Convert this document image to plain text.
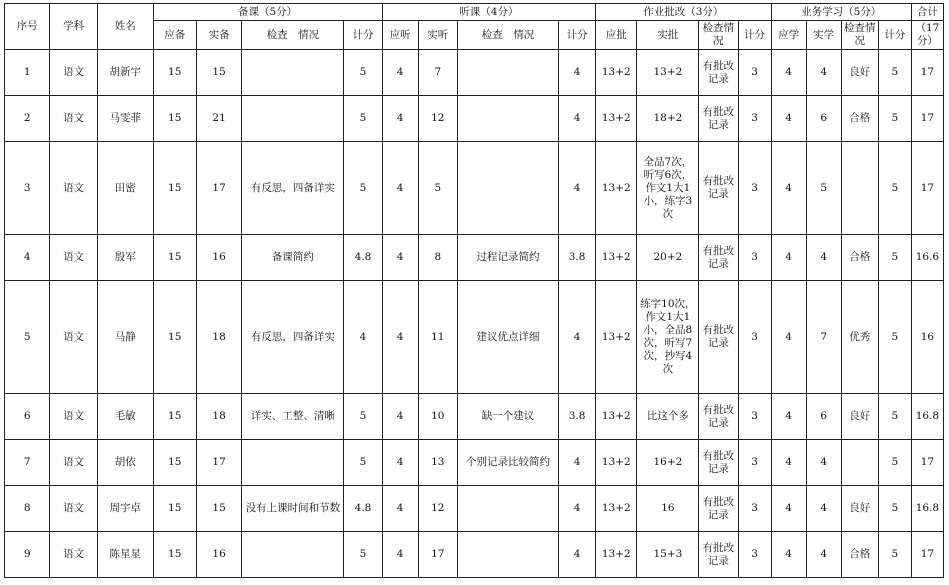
序号	学科	姓名	备课（5分）				听课（4分）				作业批改（3分）				业务学习（5分）				合计
			应备	实备	检查　情况	计分	应听	实听	检查　情况	计分	应批	实批	检查情况	计分	应学	实学	检查情况	计分	（17分）
1	语文	胡新宇	15	15		5	4	7		4	13+2	13+2	有批改记录	3	4	4	良好	5	17
2	语文	马雯菲	15	21		5	4	12		4	13+2	18+2	有批改记录	3	4	6	合格	5	17
3	语文	田密	15	17	有反思，四备详实	5	4	5		4	13+2	全品7次，听写6次，作文1大1小，练字3次	有批改记录	3	4	5		5	17
4	语文	殷军	15	16	备课简约	4.8	4	8	过程记录简约	3.8	13+2	20+2	有批改记录	3	4	4	合格	5	16.6
5	语文	马静	15	18	有反思，四备详实	4	4	11	建议优点详细	4	13+2	练字10次，作文1大1小，全品8次，听写7次，抄写4次	有批改记录	3	4	7	优秀	5	16
6	语文	毛敏	15	18	详实、工整、清晰	5	4	10	缺一个建议	3.8	13+2	比这个多	有批改记录	3	4	6	良好	5	16.8
7	语文	胡依	15	17		5	4	13	个别记录比较简约	4	13+2	16+2	有批改记录	3	4	4		5	17
8	语文	周宇卓	15	15	没有上课时间和节数	4.8	4	12		4	13+2	16	有批改记录	3	4	4	良好	5	16.8
9	语文	陈星星	15	16		5	4	17		4	13+2	15+3	有批改记录	3	4	4	合格	5	17
